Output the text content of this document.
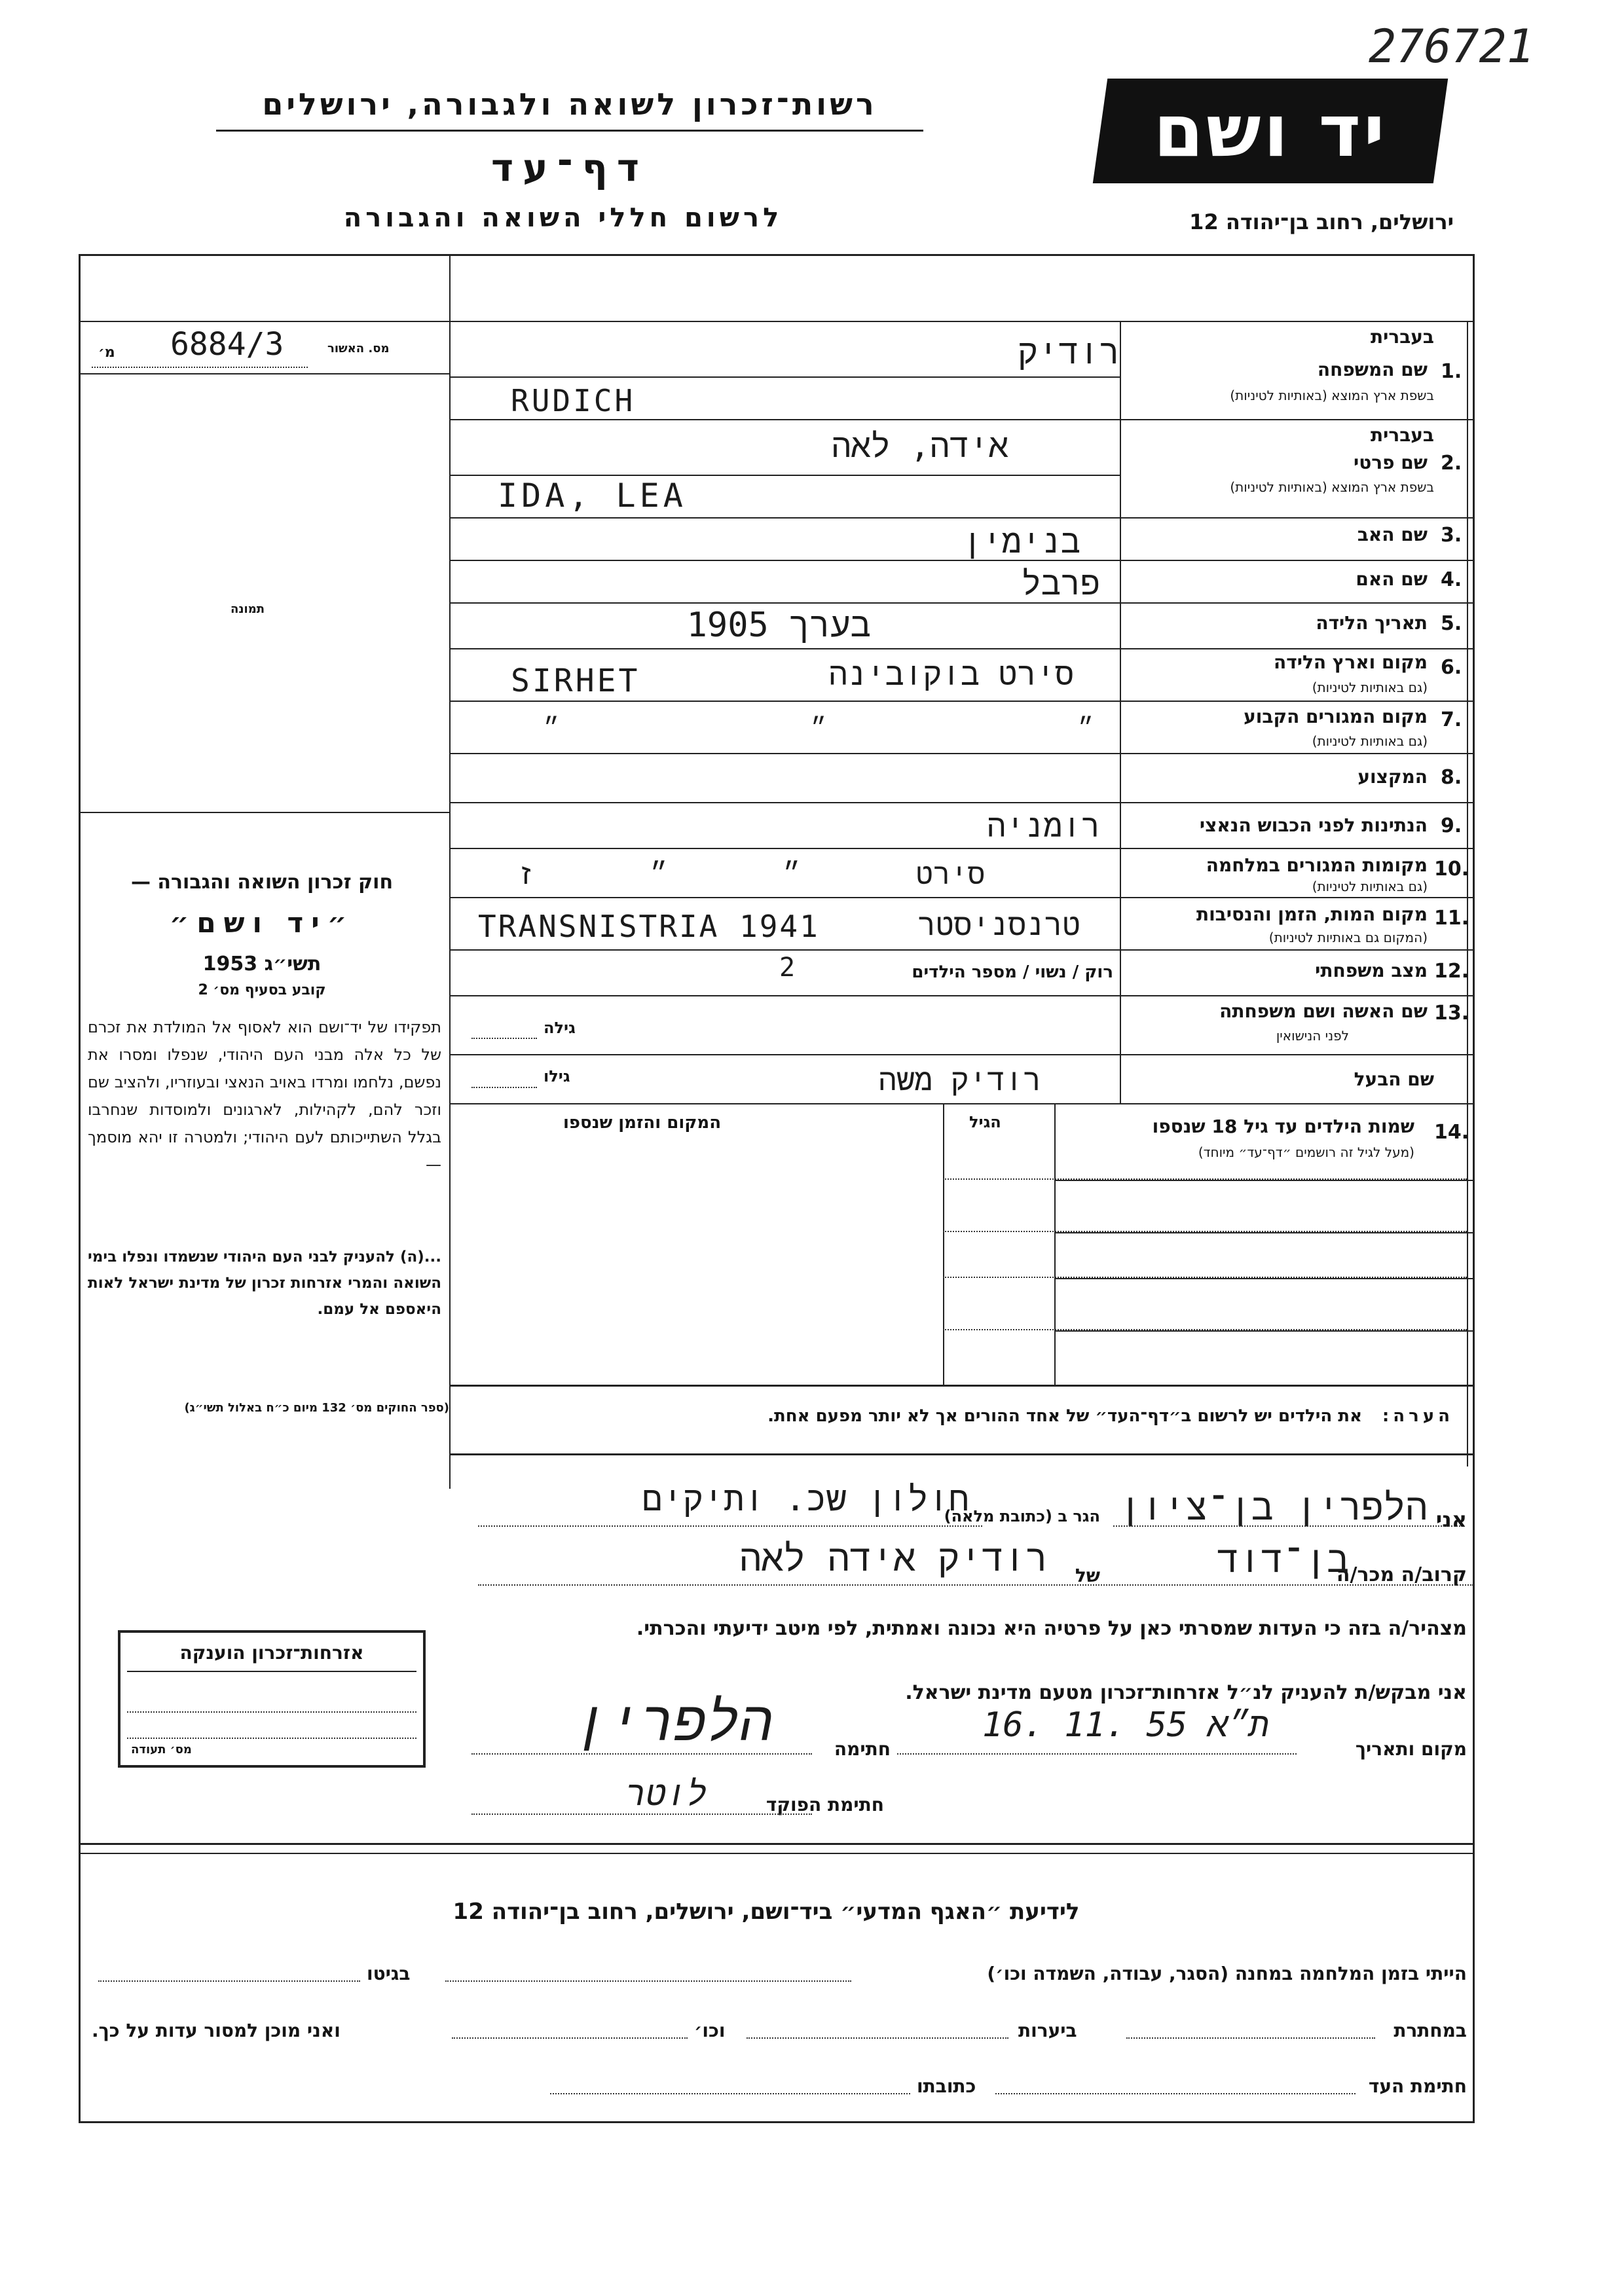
276721
רשות־זכרון לשואה ולגבורה, ירושלים
דף־עד
לרשום חללי השואה והגבורה
יד ושם
ירושלים, רחוב בן־יהודה 12
מס. האשור
6884/3
מ׳
תמונה
חוק זכרון השואה והגבורה —
״יד ושם״
תשי״ג 1953
קובע בסעיף מס׳ 2
תפקידו של יד־ושם הוא לאסוף אל המולדת את זכרם של כל אלה מבני העם היהודי, שנפלו ומסרו את נפשם, נלחמו ומרדו באויב הנאצי ובעוזריו, ולהציב שם וזכר להם, לקהילות, לארגונים ולמוסדות שנחרבו בגלל השתייכותם לעם היהודי; ולמטרה זו יהא מוסמך —
...(ה) להעניק לבני העם היהודי שנשמדו ונפלו בימי השואה והמרי אזרחות זכרון של מדינת ישראל לאות היאספם אל עמם.
(ספר החוקים מס׳ 132 מיום כ״ח באלול תשי״ג)
1.
בעברית
שם המשפחה
בשפת ארץ המוצא (באותיות לטיניות)
רודיק
RUDICH
2.
בעברית
שם פרטי
בשפת ארץ המוצא (באותיות לטיניות)
אידה, לאה
IDA, LEA
3.
שם האב
בנימין
4.
שם האם
פרבל
5.
תאריך הלידה
בערך 1905
6.
מקום וארץ הלידה
(גם באותיות לטיניות)
סירט בוקובינה
SIRHET
7.
מקום המגורים הקבוע
(גם באותיות לטיניות)
״ ״ ״
8.
המקצוע
9.
הנתינות לפני הכבוש הנאצי
רומניה
10.
מקומות המגורים במלחמה
(גם באותיות לטיניות)
סירט ״ ״ ז
11.
מקום המות, הזמן והנסיבות
(המקום גם באותיות לטיניות)
טרנסניסטר
TRANSNISTRIA 1941
12.
מצב משפחתי
רוק / נשוי / מספר הילדים
2
13.
שם האשה ושם משפחתה
לפני הנישואין
גילה
שם הבעל
רודיק משה
גילו
14.
שמות הילדים עד גיל 18 שנספו
(מעל לגיל זה רושמים ״דף־עד״ מיוחד)
הגיל
המקום והזמן שנספו
הערה:
את הילדים יש לרשום ב״דף־העד״ של אחד ההורים אך לא יותר מפעם אחת.
אני
הלפרין בן־ציון
הגר ב (כתובת מלאה)
חולון שכ. ותיקים
קרוב/ה מכר/ה
בן־דוד
של
רודיק אידה לאה
מצהיר/ה בזה כי העדות שמסרתי כאן על פרטיה היא נכונה ואמתית, לפי מיטב ידיעתי והכרתי.
אני מבקש/ת להעניק לנ״ל אזרחות־זכרון מטעם מדינת ישראל.
מקום ותאריך
16. 11. 55 ת״א
חתימה
הלפרין
חתימת הפוקד
לוטר
אזרחות־זכרון הוענקה
מס׳ תעודה
לידיעת ״האגף המדעי״ ביד־ושם, ירושלים, רחוב בן־יהודה 12
הייתי בזמן המלחמה במחנה (הסגר, עבודה, השמדה וכו׳)
בגיטו
במחתרת
ביערות
וכו׳
ואני מוכן למסור עדות על כך.
חתימת העד
כתובתו
